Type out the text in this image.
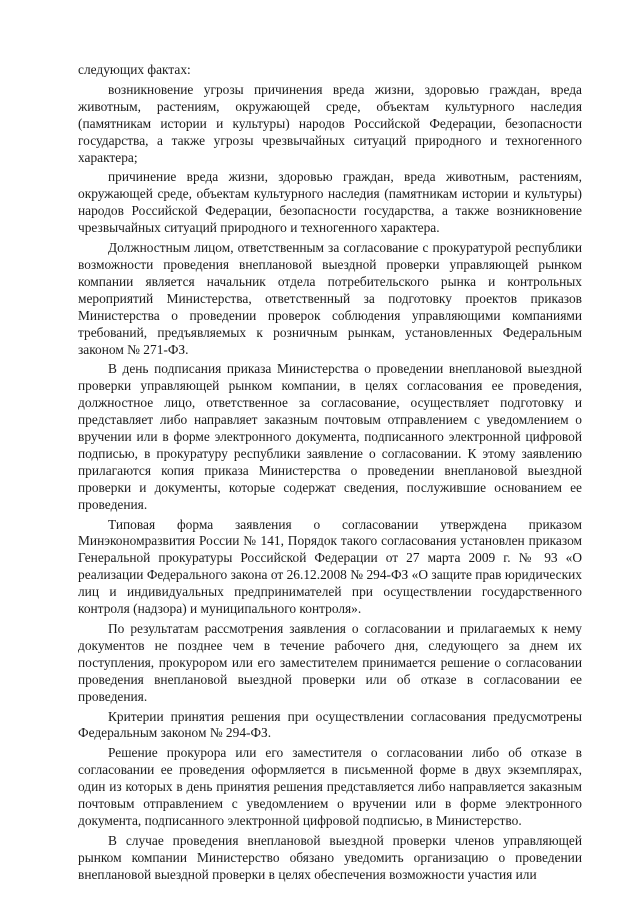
следующих фактах:

возникновение угрозы причинения вреда жизни, здоровью граждан, вреда животным, растениям, окружающей среде, объектам культурного наследия (памятникам истории и культуры) народов Российской Федерации, безопасности государства, а также угрозы чрезвычайных ситуаций природного и техногенного характера;

причинение вреда жизни, здоровью граждан, вреда животным, растениям, окружающей среде, объектам культурного наследия (памятникам истории и культуры) народов Российской Федерации, безопасности государства, а также возникновение чрезвычайных ситуаций природного и техногенного характера.

Должностным лицом, ответственным за согласование с прокуратурой республики возможности проведения внеплановой выездной проверки управляющей рынком компании является начальник отдела потребительского рынка и контрольных мероприятий Министерства, ответственный за подготовку проектов приказов Министерства о проведении проверок соблюдения управляющими компаниями требований, предъявляемых к розничным рынкам, установленных Федеральным законом № 271-ФЗ.

В день подписания приказа Министерства о проведении внеплановой выездной проверки управляющей рынком компании, в целях согласования ее проведения, должностное лицо, ответственное за согласование, осуществляет подготовку и представляет либо направляет заказным почтовым отправлением с уведомлением о вручении или в форме электронного документа, подписанного электронной цифровой подписью, в прокуратуру республики заявление о согласовании. К этому заявлению прилагаются копия приказа Министерства о проведении внеплановой выездной проверки и документы, которые содержат сведения, послужившие основанием ее проведения.

Типовая форма заявления о согласовании утверждена приказом Минэкономразвития России № 141, Порядок такого согласования установлен приказом Генеральной прокуратуры Российской Федерации от 27 марта 2009 г. № 93 «О реализации Федерального закона от 26.12.2008 № 294-ФЗ «О защите прав юридических лиц и индивидуальных предпринимателей при осуществлении государственного контроля (надзора) и муниципального контроля».

По результатам рассмотрения заявления о согласовании и прилагаемых к нему документов не позднее чем в течение рабочего дня, следующего за днем их поступления, прокурором или его заместителем принимается решение о согласовании проведения внеплановой выездной проверки или об отказе в согласовании ее проведения.

Критерии принятия решения при осуществлении согласования предусмотрены Федеральным законом № 294-ФЗ.

Решение прокурора или его заместителя о согласовании либо об отказе в согласовании ее проведения оформляется в письменной форме в двух экземплярах, один из которых в день принятия решения представляется либо направляется заказным почтовым отправлением с уведомлением о вручении или в форме электронного документа, подписанного электронной цифровой подписью, в Министерство.

В случае проведения внеплановой выездной проверки членов управляющей рынком компании Министерство обязано уведомить организацию о проведении внеплановой выездной проверки в целях обеспечения возможности участия или
